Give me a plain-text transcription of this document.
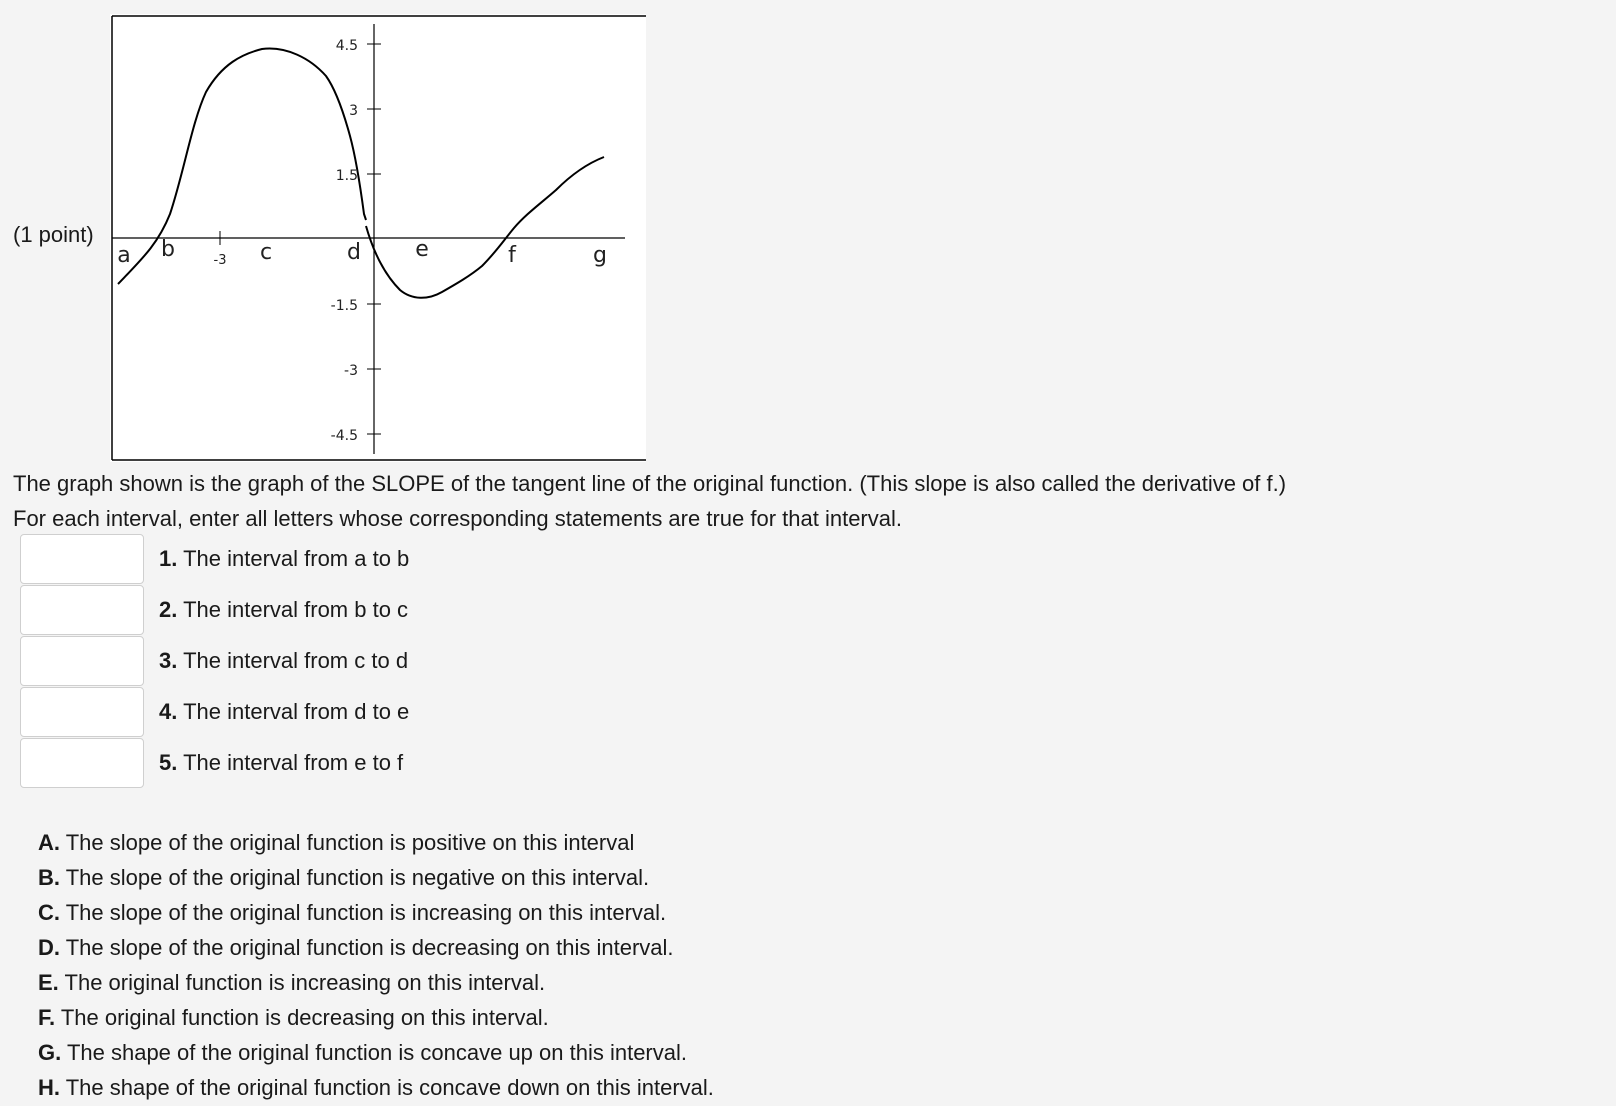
(1 point)
4.5
3
1.5
-1.5
-3
-4.5
-3
a b	c	d e	f	g

The graph shown is the graph of the SLOPE of the tangent line of the original function. (This slope is also called the derivative of f.)

For each interval, enter all letters whose corresponding statements are true for that interval.

1. The interval from a to b
2. The interval from b to c
3. The interval from c to d
4. The interval from d to e
5. The interval from e to f
A. The slope of the original function is positive on this interval
B. The slope of the original function is negative on this interval.
C. The slope of the original function is increasing on this interval.
D. The slope of the original function is decreasing on this interval.
E. The original function is increasing on this interval.
F. The original function is decreasing on this interval.
G. The shape of the original function is concave up on this interval.
H. The shape of the original function is concave down on this interval.
